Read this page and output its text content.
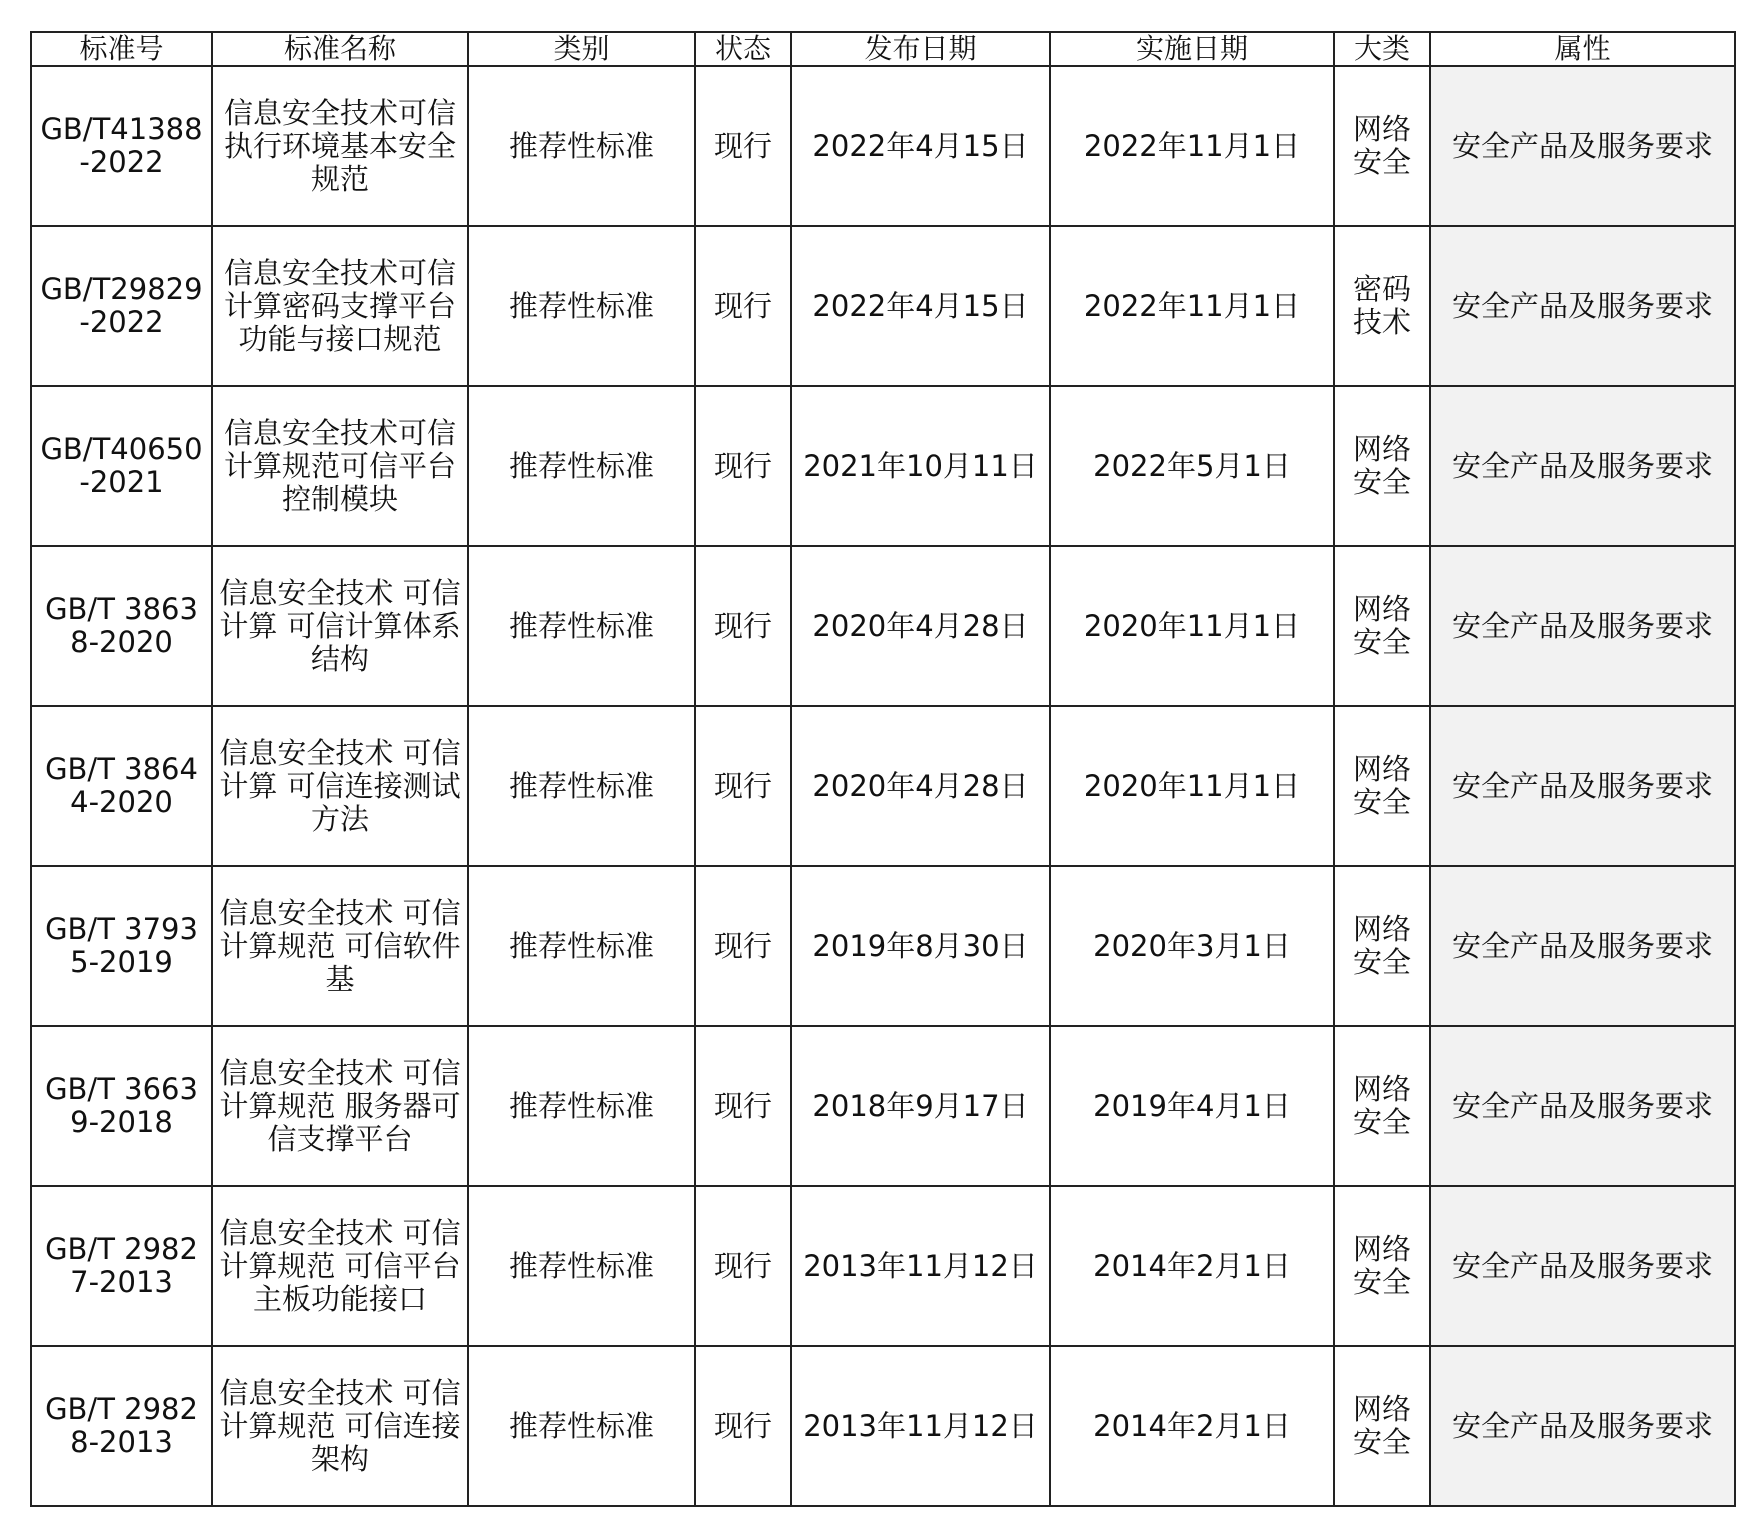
标准号	标准名称	类别	状态	发布日期	实施日期	大类	属性
GB/T41388-2022	信息安全技术可信执行环境基本安全规范	推荐性标准	现行	2022年4月15日	2022年11月1日	网络安全	安全产品及服务要求
GB/T29829-2022	信息安全技术可信计算密码支撑平台功能与接口规范	推荐性标准	现行	2022年4月15日	2022年11月1日	密码技术	安全产品及服务要求
GB/T40650-2021	信息安全技术可信计算规范可信平台控制模块	推荐性标准	现行	2021年10月11日	2022年5月1日	网络安全	安全产品及服务要求
GB/T 38638-2020	信息安全技术 可信计算 可信计算体系结构	推荐性标准	现行	2020年4月28日	2020年11月1日	网络安全	安全产品及服务要求
GB/T 38644-2020	信息安全技术 可信计算 可信连接测试方法	推荐性标准	现行	2020年4月28日	2020年11月1日	网络安全	安全产品及服务要求
GB/T 37935-2019	信息安全技术 可信计算规范 可信软件基	推荐性标准	现行	2019年8月30日	2020年3月1日	网络安全	安全产品及服务要求
GB/T 36639-2018	信息安全技术 可信计算规范 服务器可信支撑平台	推荐性标准	现行	2018年9月17日	2019年4月1日	网络安全	安全产品及服务要求
GB/T 29827-2013	信息安全技术 可信计算规范 可信平台主板功能接口	推荐性标准	现行	2013年11月12日	2014年2月1日	网络安全	安全产品及服务要求
GB/T 29828-2013	信息安全技术 可信计算规范 可信连接架构	推荐性标准	现行	2013年11月12日	2014年2月1日	网络安全	安全产品及服务要求
